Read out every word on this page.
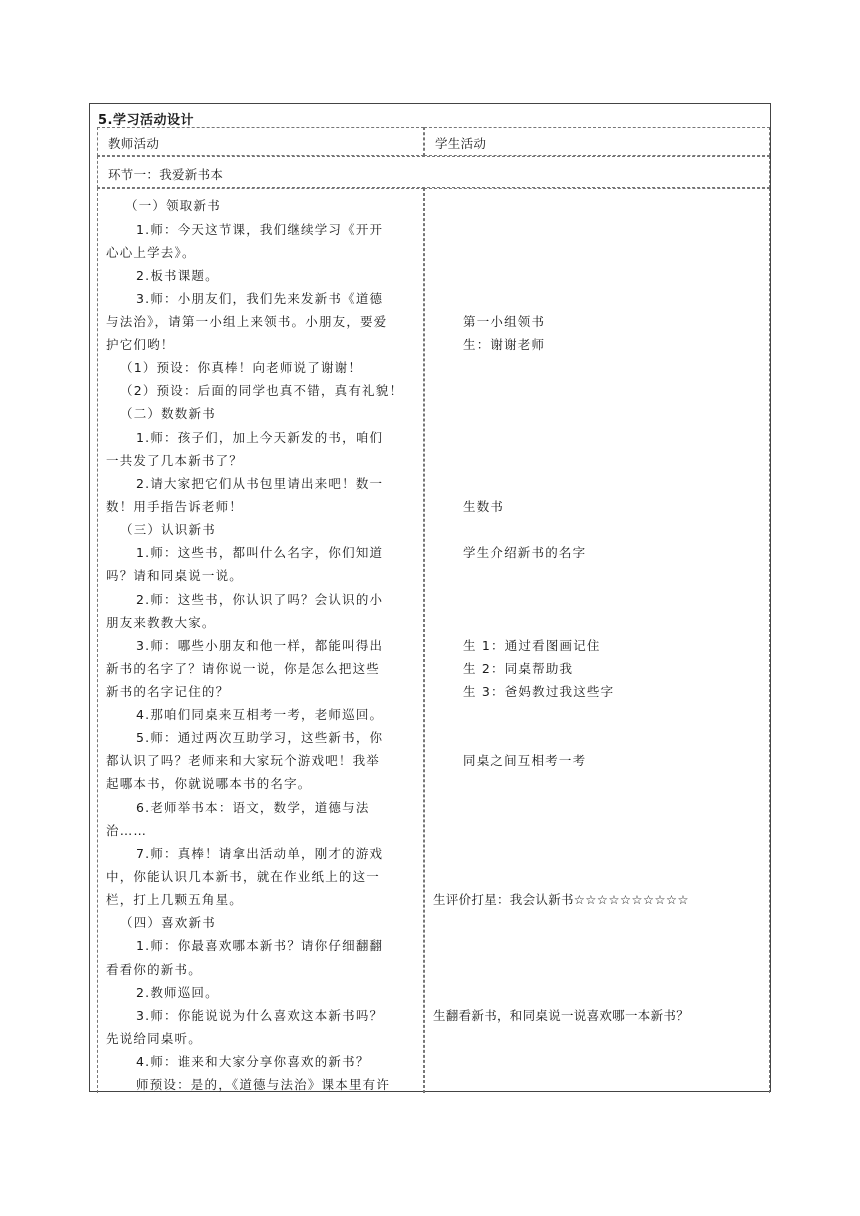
5.学习活动设计
教师活动	学生活动
环节一：我爱新书本
（一）领取新书
1.师：今天这节课，我们继续学习《开开
心心上学去》。
2.板书课题。
3.师：小朋友们，我们先来发新书《道德
与法治》，请第一小组上来领书。小朋友，要爱
护它们哟！
（1）预设：你真棒！向老师说了谢谢！
（2）预设：后面的同学也真不错，真有礼貌！
（二）数数新书
1.师：孩子们，加上今天新发的书，咱们
一共发了几本新书了？
2.请大家把它们从书包里请出来吧！数一
数！用手指告诉老师！
（三）认识新书
1.师：这些书，都叫什么名字，你们知道
吗？请和同桌说一说。
2.师：这些书，你认识了吗？会认识的小
朋友来教教大家。
3.师：哪些小朋友和他一样，都能叫得出
新书的名字了？请你说一说，你是怎么把这些
新书的名字记住的？
4.那咱们同桌来互相考一考，老师巡回。
5.师：通过两次互助学习，这些新书，你
都认识了吗？老师来和大家玩个游戏吧！我举
起哪本书，你就说哪本书的名字。
6.老师举书本：语文，数学，道德与法
治……
7.师：真棒！请拿出活动单，刚才的游戏
中，你能认识几本新书，就在作业纸上的这一
栏，打上几颗五角星。
（四）喜欢新书
1.师：你最喜欢哪本新书？请你仔细翻翻
看看你的新书。
2.教师巡回。
3.师：你能说说为什么喜欢这本新书吗？
先说给同桌听。
4.师：谁来和大家分享你喜欢的新书？
师预设：是的，《道德与法治》课本里有许
第一小组领书
生：谢谢老师
生数书
学生介绍新书的名字
生 1：通过看图画记住
生 2：同桌帮助我
生 3：爸妈教过我这些字
同桌之间互相考一考
生评价打星：我会认新书☆☆☆☆☆☆☆☆☆☆
生翻看新书，和同桌说一说喜欢哪一本新书？
